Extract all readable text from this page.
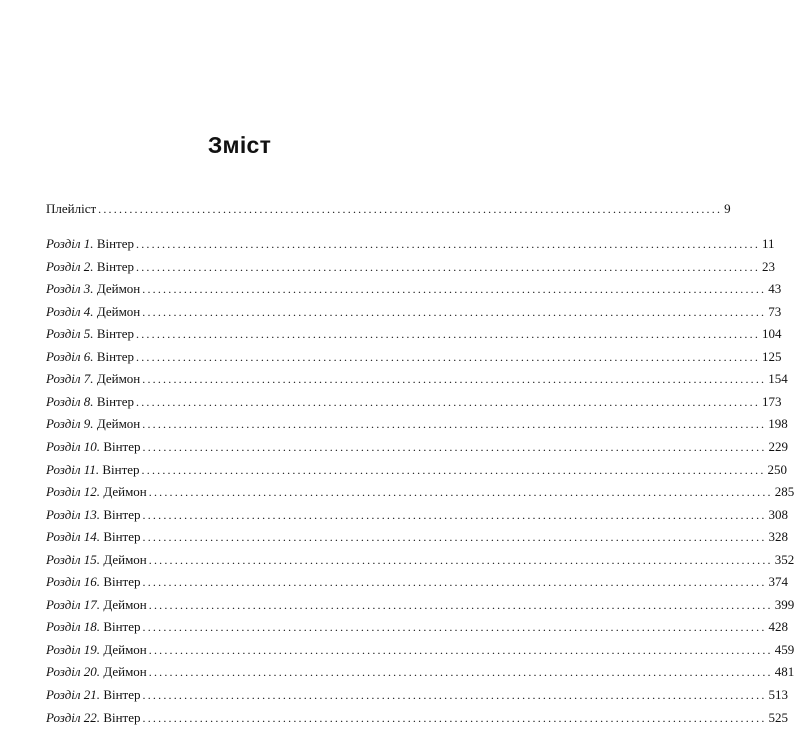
Зміст
Плейліст ........................................................................................................................ 9
Розділ 1. Вінтер ........................................................................................................................ 11
Розділ 2. Вінтер ........................................................................................................................ 23
Розділ 3. Деймон ........................................................................................................................ 43
Розділ 4. Деймон ........................................................................................................................ 73
Розділ 5. Вінтер ........................................................................................................................ 104
Розділ 6. Вінтер ........................................................................................................................ 125
Розділ 7. Деймон ........................................................................................................................ 154
Розділ 8. Вінтер ........................................................................................................................ 173
Розділ 9. Деймон ........................................................................................................................ 198
Розділ 10. Вінтер ........................................................................................................................ 229
Розділ 11. Вінтер ........................................................................................................................ 250
Розділ 12. Деймон ........................................................................................................................ 285
Розділ 13. Вінтер ........................................................................................................................ 308
Розділ 14. Вінтер ........................................................................................................................ 328
Розділ 15. Деймон ........................................................................................................................ 352
Розділ 16. Вінтер ........................................................................................................................ 374
Розділ 17. Деймон ........................................................................................................................ 399
Розділ 18. Вінтер ........................................................................................................................ 428
Розділ 19. Деймон ........................................................................................................................ 459
Розділ 20. Деймон ........................................................................................................................ 481
Розділ 21. Вінтер ........................................................................................................................ 513
Розділ 22. Вінтер ........................................................................................................................ 525
